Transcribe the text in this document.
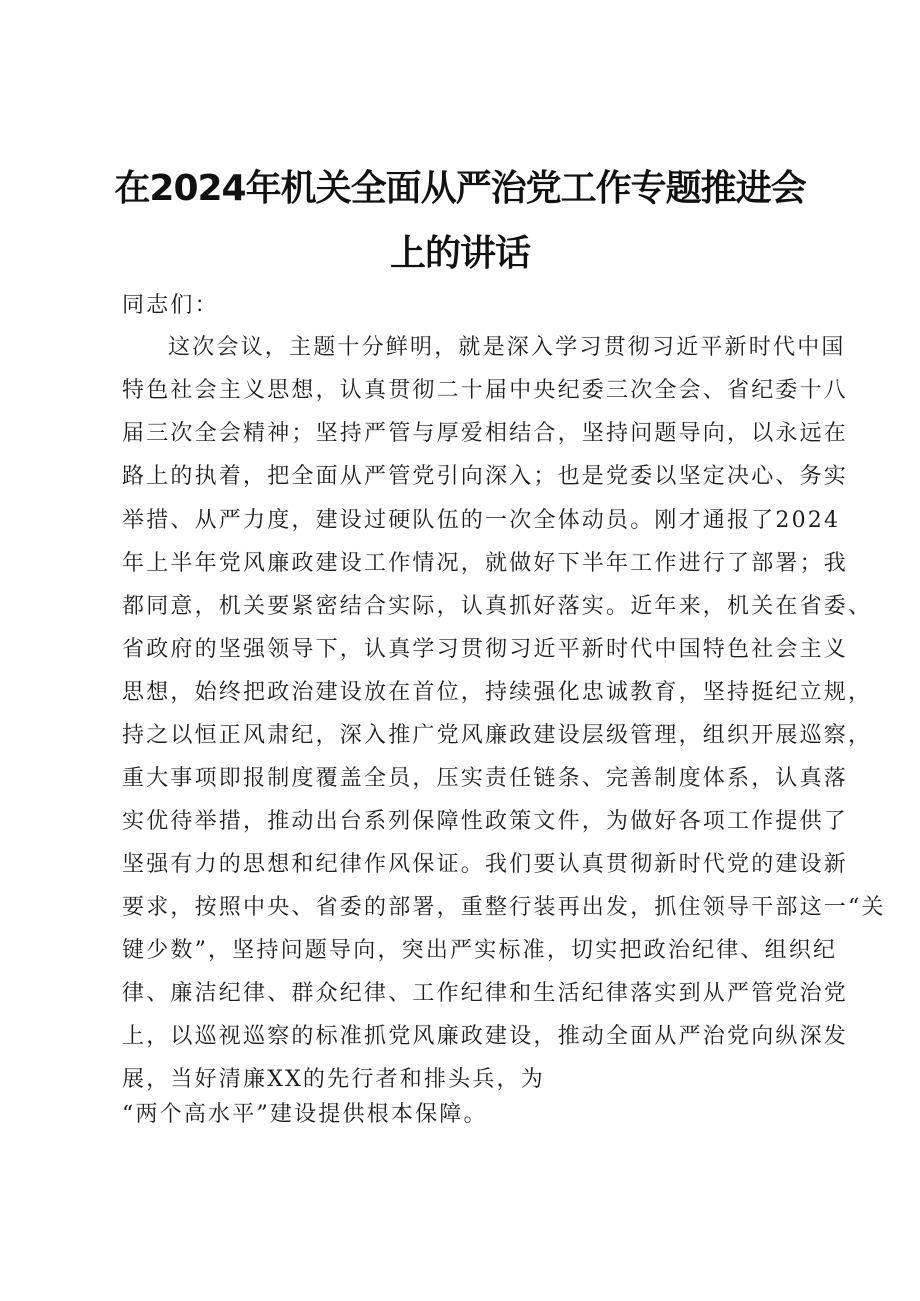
在2024年机关全面从严治党工作专题推进会
上的讲话
同志们：
这次会议，主题十分鲜明，就是深入学习贯彻习近平新时代中国
特色社会主义思想，认真贯彻二十届中央纪委三次全会、省纪委十八
届三次全会精神；坚持严管与厚爱相结合，坚持问题导向，以永远在
路上的执着，把全面从严管党引向深入；也是党委以坚定决心、务实
举措、从严力度，建设过硬队伍的一次全体动员。刚才通报了2024
年上半年党风廉政建设工作情况，就做好下半年工作进行了部署；我
都同意，机关要紧密结合实际，认真抓好落实。近年来，机关在省委、
省政府的坚强领导下，认真学习贯彻习近平新时代中国特色社会主义
思想，始终把政治建设放在首位，持续强化忠诚教育，坚持挺纪立规，
持之以恒正风肃纪，深入推广党风廉政建设层级管理，组织开展巡察，
重大事项即报制度覆盖全员，压实责任链条、完善制度体系，认真落
实优待举措，推动出台系列保障性政策文件，为做好各项工作提供了
坚强有力的思想和纪律作风保证。我们要认真贯彻新时代党的建设新
要求，按照中央、省委的部署，重整行装再出发，抓住领导干部这一“关
键少数”，坚持问题导向，突出严实标准，切实把政治纪律、组织纪
律、廉洁纪律、群众纪律、工作纪律和生活纪律落实到从严管党治党
上，以巡视巡察的标准抓党风廉政建设，推动全面从严治党向纵深发
展，当好清廉XX的先行者和排头兵，为
“两个高水平”建设提供根本保障。
